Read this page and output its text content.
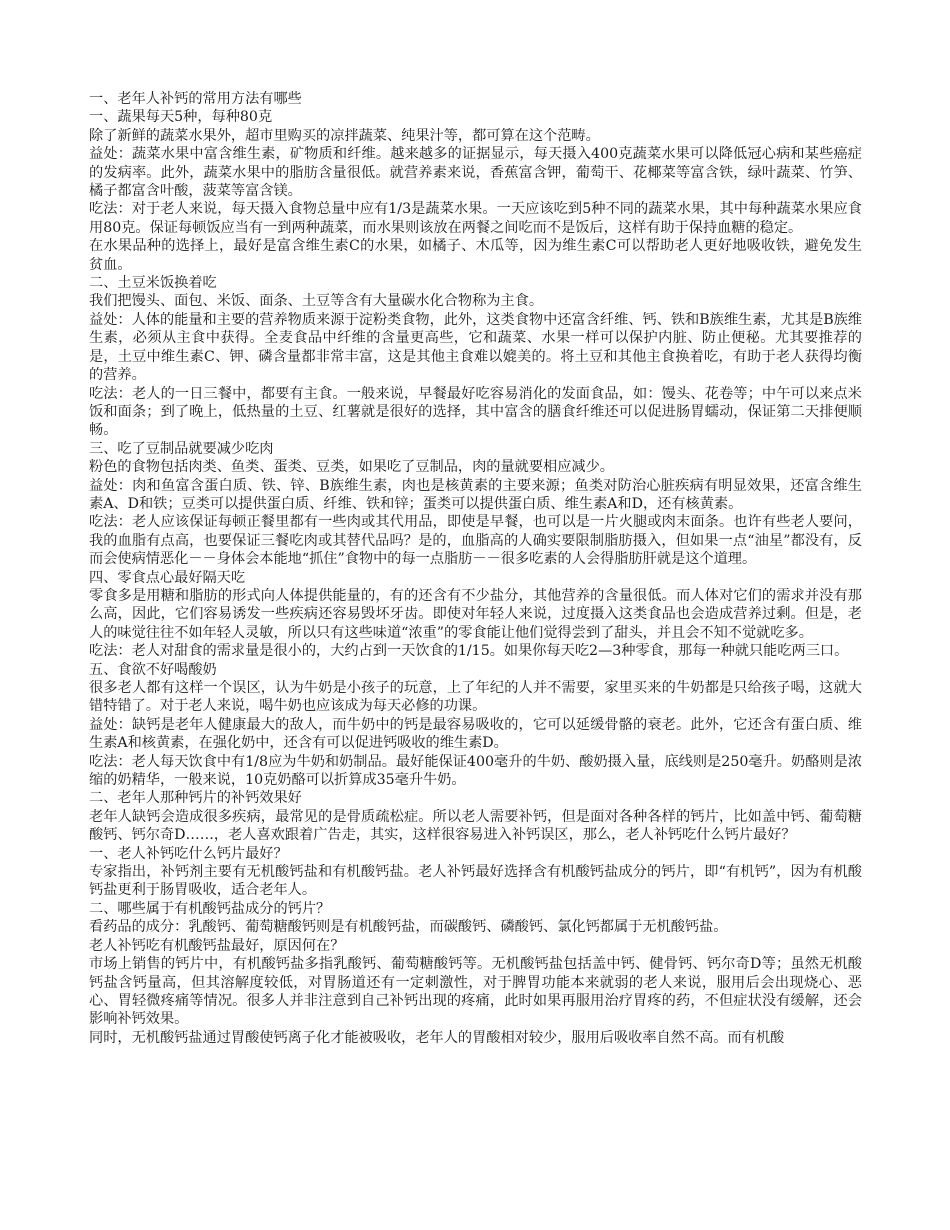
一、老年人补钙的常用方法有哪些

一、蔬果每天5种，每种80克

除了新鲜的蔬菜水果外，超市里购买的凉拌蔬菜、纯果汁等，都可算在这个范畴。

益处：蔬菜水果中富含维生素，矿物质和纤维。越来越多的证据显示，每天摄入400克蔬菜水果可以降低冠心病和某些癌症的发病率。此外，蔬菜水果中的脂肪含量很低。就营养素来说，香蕉富含钾，葡萄干、花椰菜等富含铁，绿叶蔬菜、竹笋、橘子都富含叶酸，菠菜等富含镁。

吃法：对于老人来说，每天摄入食物总量中应有1/3是蔬菜水果。一天应该吃到5种不同的蔬菜水果，其中每种蔬菜水果应食用80克。保证每顿饭应当有一到两种蔬菜，而水果则该放在两餐之间吃而不是饭后，这样有助于保持血糖的稳定。

在水果品种的选择上，最好是富含维生素C的水果，如橘子、木瓜等，因为维生素C可以帮助老人更好地吸收铁，避免发生贫血。

二、土豆米饭换着吃

我们把馒头、面包、米饭、面条、土豆等含有大量碳水化合物称为主食。

益处：人体的能量和主要的营养物质来源于淀粉类食物，此外，这类食物中还富含纤维、钙、铁和B族维生素，尤其是B族维生素，必须从主食中获得。全麦食品中纤维的含量更高些，它和蔬菜、水果一样可以保护内脏、防止便秘。尤其要推荐的是，土豆中维生素C、钾、磷含量都非常丰富，这是其他主食难以媲美的。将土豆和其他主食换着吃，有助于老人获得均衡的营养。

吃法：老人的一日三餐中，都要有主食。一般来说，早餐最好吃容易消化的发面食品，如：馒头、花卷等；中午可以来点米饭和面条；到了晚上，低热量的土豆、红薯就是很好的选择，其中富含的膳食纤维还可以促进肠胃蠕动，保证第二天排便顺畅。

三、吃了豆制品就要减少吃肉

粉色的食物包括肉类、鱼类、蛋类、豆类，如果吃了豆制品，肉的量就要相应减少。

益处：肉和鱼富含蛋白质、铁、锌、B族维生素，肉也是核黄素的主要来源；鱼类对防治心脏疾病有明显效果，还富含维生素A、D和铁；豆类可以提供蛋白质、纤维、铁和锌；蛋类可以提供蛋白质、维生素A和D，还有核黄素。

吃法：老人应该保证每顿正餐里都有一些肉或其代用品，即使是早餐，也可以是一片火腿或肉末面条。也许有些老人要问，我的血脂有点高，也要保证三餐吃肉或其替代品吗？是的，血脂高的人确实要限制脂肪摄入，但如果一点“油星”都没有，反而会使病情恶化－－身体会本能地“抓住”食物中的每一点脂肪－－很多吃素的人会得脂肪肝就是这个道理。

四、零食点心最好隔天吃

零食多是用糖和脂肪的形式向人体提供能量的，有的还含有不少盐分，其他营养的含量很低。而人体对它们的需求并没有那么高，因此，它们容易诱发一些疾病还容易毁坏牙齿。即使对年轻人来说，过度摄入这类食品也会造成营养过剩。但是，老人的味觉往往不如年轻人灵敏，所以只有这些味道“浓重”的零食能让他们觉得尝到了甜头，并且会不知不觉就吃多。

吃法：老人对甜食的需求量是很小的，大约占到一天饮食的1/15。如果你每天吃2—3种零食，那每一种就只能吃两三口。

五、食欲不好喝酸奶

很多老人都有这样一个误区，认为牛奶是小孩子的玩意，上了年纪的人并不需要，家里买来的牛奶都是只给孩子喝，这就大错特错了。对于老人来说，喝牛奶也应该成为每天必修的功课。

益处：缺钙是老年人健康最大的敌人，而牛奶中的钙是最容易吸收的，它可以延缓骨骼的衰老。此外，它还含有蛋白质、维生素A和核黄素，在强化奶中，还含有可以促进钙吸收的维生素D。

吃法：老人每天饮食中有1/8应为牛奶和奶制品。最好能保证400毫升的牛奶、酸奶摄入量，底线则是250毫升。奶酪则是浓缩的奶精华，一般来说，10克奶酪可以折算成35毫升牛奶。

二、老年人那种钙片的补钙效果好

老年人缺钙会造成很多疾病，最常见的是骨质疏松症。所以老人需要补钙，但是面对各种各样的钙片，比如盖中钙、葡萄糖酸钙、钙尔奇D……，老人喜欢跟着广告走，其实，这样很容易进入补钙误区，那么，老人补钙吃什么钙片最好？

一、老人补钙吃什么钙片最好？

专家指出，补钙剂主要有无机酸钙盐和有机酸钙盐。老人补钙最好选择含有机酸钙盐成分的钙片，即“有机钙”，因为有机酸钙盐更利于肠胃吸收，适合老年人。

二、哪些属于有机酸钙盐成分的钙片？

看药品的成分：乳酸钙、葡萄糖酸钙则是有机酸钙盐，而碳酸钙、磷酸钙、氯化钙都属于无机酸钙盐。

老人补钙吃有机酸钙盐最好，原因何在？

市场上销售的钙片中，有机酸钙盐多指乳酸钙、葡萄糖酸钙等。无机酸钙盐包括盖中钙、健骨钙、钙尔奇D等；虽然无机酸钙盐含钙量高，但其溶解度较低，对胃肠道还有一定刺激性，对于脾胃功能本来就弱的老人来说，服用后会出现烧心、恶心、胃轻微疼痛等情况。很多人并非注意到自己补钙出现的疼痛，此时如果再服用治疗胃疼的药，不但症状没有缓解，还会影响补钙效果。

同时，无机酸钙盐通过胃酸使钙离子化才能被吸收，老年人的胃酸相对较少，服用后吸收率自然不高。而有机酸
